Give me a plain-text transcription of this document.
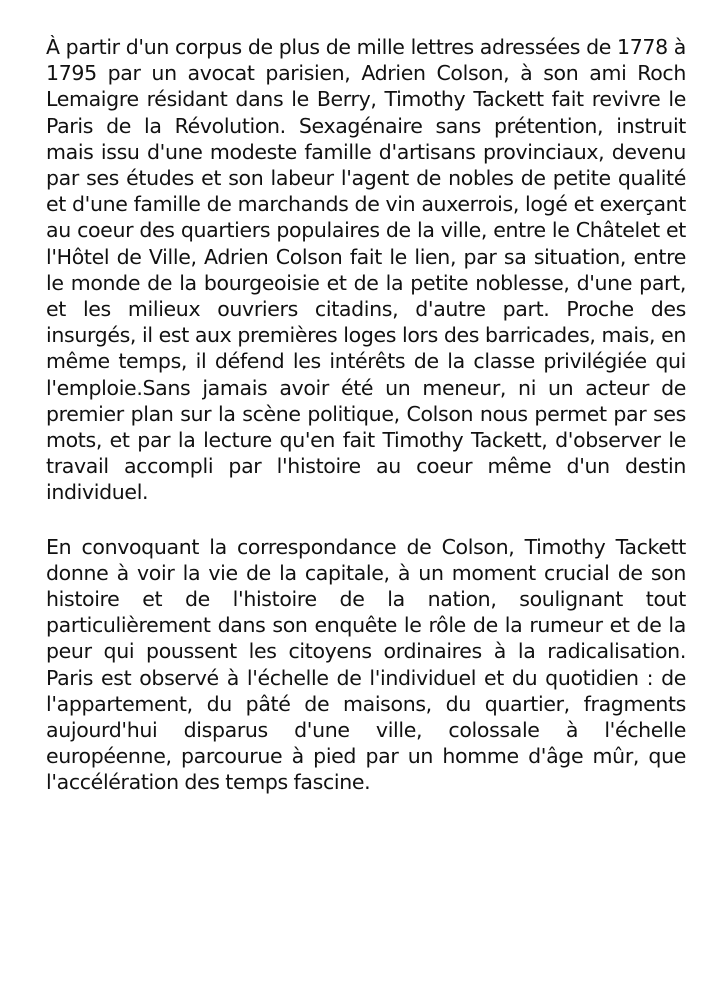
À partir d'un corpus de plus de mille lettres adressées de 1778 à 1795 par un avocat parisien, Adrien Colson, à son ami Roch Lemaigre résidant dans le Berry, Timothy Tackett fait revivre le Paris de la Révolution. Sexagénaire sans prétention, instruit mais issu d'une modeste famille d'artisans provinciaux, devenu par ses études et son labeur l'agent de nobles de petite qualité et d'une famille de marchands de vin auxerrois, logé et exerçant au coeur des quartiers populaires de la ville, entre le Châtelet et l'Hôtel de Ville, Adrien Colson fait le lien, par sa situation, entre le monde de la bourgeoisie et de la petite noblesse, d'une part, et les milieux ouvriers citadins, d'autre part. Proche des insurgés, il est aux premières loges lors des barricades, mais, en même temps, il défend les intérêts de la classe privilégiée qui l'emploie.Sans jamais avoir été un meneur, ni un acteur de premier plan sur la scène politique, Colson nous permet par ses mots, et par la lecture qu'en fait Timothy Tackett, d'observer le travail accompli par l'histoire au coeur même d'un destin individuel.

En convoquant la correspondance de Colson, Timothy Tackett donne à voir la vie de la capitale, à un moment crucial de son histoire et de l'histoire de la nation, soulignant tout particulièrement dans son enquête le rôle de la rumeur et de la peur qui poussent les citoyens ordinaires à la radicalisation. Paris est observé à l'échelle de l'individuel et du quotidien : de l'appartement, du pâté de maisons, du quartier, fragments aujourd'hui disparus d'une ville, colossale à l'échelle européenne, parcourue à pied par un homme d'âge mûr, que l'accélération des temps fascine.
